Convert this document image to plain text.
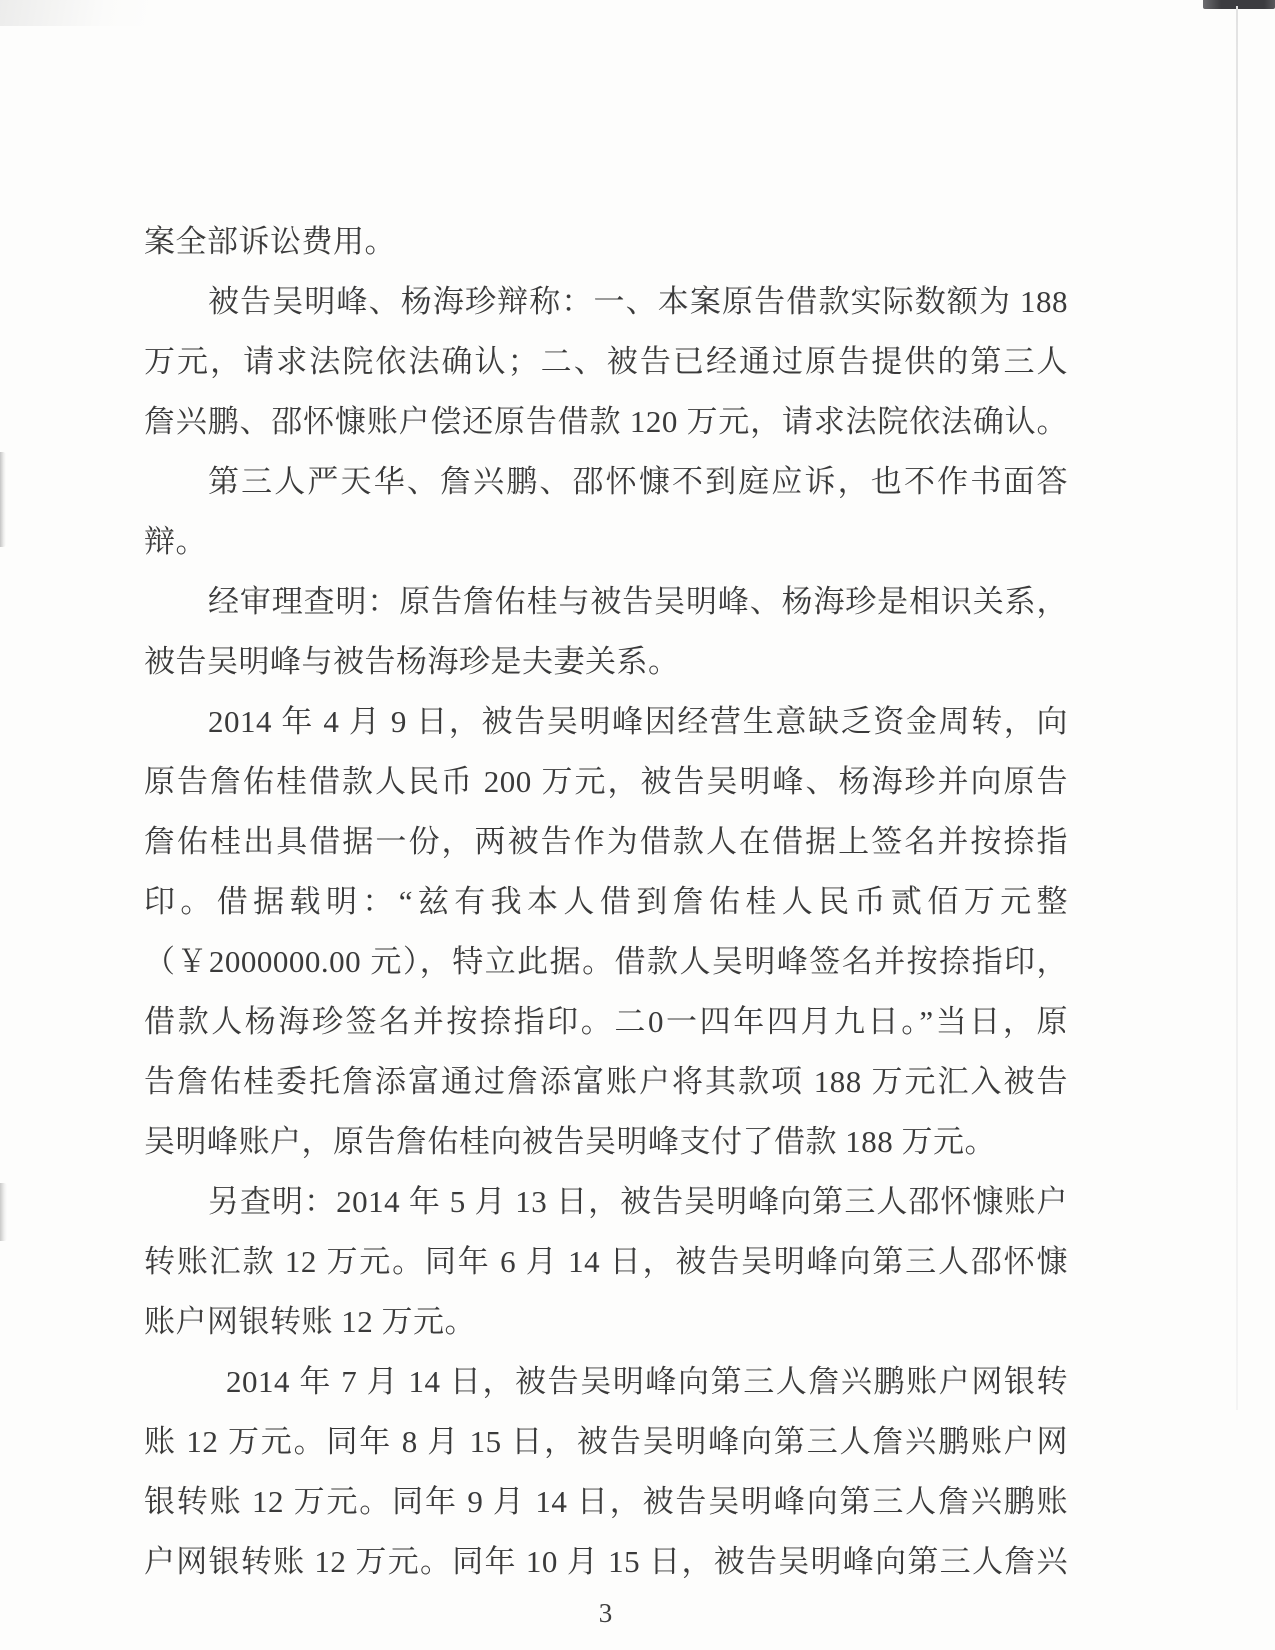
案全部诉讼费用。
被告吴明峰、杨海珍辩称：一、本案原告借款实际数额为 188
万元，请求法院依法确认；二、被告已经通过原告提供的第三人
詹兴鹏、邵怀慷账户偿还原告借款 120 万元，请求法院依法确认。
第三人严天华、詹兴鹏、邵怀慷不到庭应诉，也不作书面答
辩。
经审理查明：原告詹佑桂与被告吴明峰、杨海珍是相识关系，
被告吴明峰与被告杨海珍是夫妻关系。
2014 年 4 月 9 日，被告吴明峰因经营生意缺乏资金周转，向
原告詹佑桂借款人民币 200 万元，被告吴明峰、杨海珍并向原告
詹佑桂出具借据一份，两被告作为借款人在借据上签名并按捺指
印。借据载明：“兹有我本人借到詹佑桂人民币贰佰万元整
（￥2000000.00 元），特立此据。借款人吴明峰签名并按捺指印，
借款人杨海珍签名并按捺指印。二0一四年四月九日。”当日，原
告詹佑桂委托詹添富通过詹添富账户将其款项 188 万元汇入被告
吴明峰账户，原告詹佑桂向被告吴明峰支付了借款 188 万元。
另查明：2014 年 5 月 13 日，被告吴明峰向第三人邵怀慷账户
转账汇款 12 万元。同年 6 月 14 日，被告吴明峰向第三人邵怀慷
账户网银转账 12 万元。
2014 年 7 月 14 日，被告吴明峰向第三人詹兴鹏账户网银转
账 12 万元。同年 8 月 15 日，被告吴明峰向第三人詹兴鹏账户网
银转账 12 万元。同年 9 月 14 日，被告吴明峰向第三人詹兴鹏账
户网银转账 12 万元。同年 10 月 15 日，被告吴明峰向第三人詹兴
3
